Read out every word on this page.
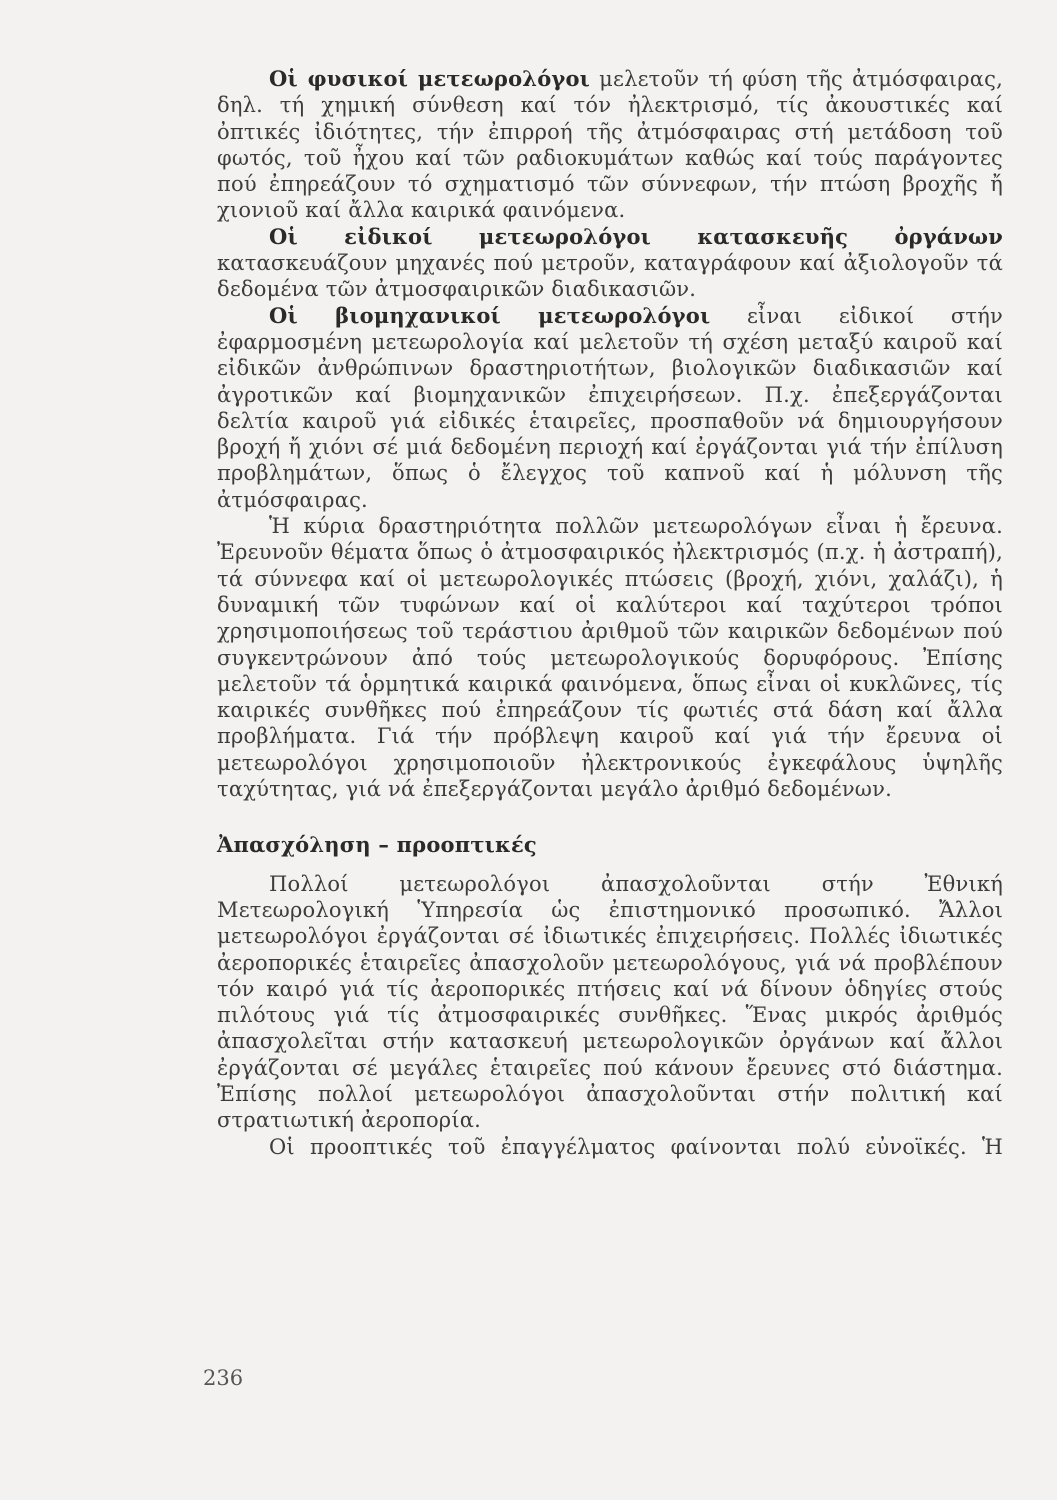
Οἱ φυσικοί μετεωρολόγοι μελετοῦν τή φύση τῆς ἀτμόσφαιρας, δηλ. τή χημική σύνθεση καί τόν ἠλεκτρισμό, τίς ἀκουστικές καί ὀπτικές ἰδιότητες, τήν ἐπιρροή τῆς ἀτμόσφαιρας στή μετάδοση τοῦ φωτός, τοῦ ἦχου καί τῶν ραδιοκυμάτων καθώς καί τούς παράγοντες πού ἐπηρεάζουν τό σχηματισμό τῶν σύννεφων, τήν πτώση βροχῆς ἤ χιονιοῦ καί ἄλλα καιρικά φαινόμενα.

Οἱ εἰδικοί μετεωρολόγοι κατασκευῆς ὀργάνων κατασκευάζουν μηχανές πού μετροῦν, καταγράφουν καί ἀξιολογοῦν τά δεδομένα τῶν ἀτμοσφαιρικῶν διαδικασιῶν.

Οἱ βιομηχανικοί μετεωρολόγοι εἶναι εἰδικοί στήν ἐφαρμοσμένη μετεωρολογία καί μελετοῦν τή σχέση μεταξύ καιροῦ καί εἰδικῶν ἀνθρώπινων δραστηριοτήτων, βιολογικῶν διαδικασιῶν καί ἀγροτικῶν καί βιομηχανικῶν ἐπιχειρήσεων. Π.χ. ἐπεξεργάζονται δελτία καιροῦ γιά εἰδικές ἑταιρεῖες, προσπαθοῦν νά δημιουργήσουν βροχή ἤ χιόνι σέ μιά δεδομένη περιοχή καί ἐργάζονται γιά τήν ἐπίλυση προβλημάτων, ὅπως ὁ ἔλεγχος τοῦ καπνοῦ καί ἡ μόλυνση τῆς ἀτμόσφαιρας.

Ἡ κύρια δραστηριότητα πολλῶν μετεωρολόγων εἶναι ἡ ἔρευνα. Ἐρευνοῦν θέματα ὅπως ὁ ἀτμοσφαιρικός ἠλεκτρισμός (π.χ. ἡ ἀστραπή), τά σύννεφα καί οἱ μετεωρολογικές πτώσεις (βροχή, χιόνι, χαλάζι), ἡ δυναμική τῶν τυφώνων καί οἱ καλύτεροι καί ταχύτεροι τρόποι χρησιμοποιήσεως τοῦ τεράστιου ἀριθμοῦ τῶν καιρικῶν δεδομένων πού συγκεντρώνουν ἀπό τούς μετεωρολογικούς δορυφόρους. Ἐπίσης μελετοῦν τά ὁρμητικά καιρικά φαινόμενα, ὅπως εἶναι οἱ κυκλῶνες, τίς καιρικές συνθῆκες πού ἐπηρεάζουν τίς φωτιές στά δάση καί ἄλλα προβλήματα. Γιά τήν πρόβλεψη καιροῦ καί γιά τήν ἔρευνα οἱ μετεωρολόγοι χρησιμοποιοῦν ἠλεκτρονικούς ἐγκεφάλους ὑψηλῆς ταχύτητας, γιά νά ἐπεξεργάζονται μεγάλο ἀριθμό δεδομένων.

Ἀπασχόληση – προοπτικές

Πολλοί μετεωρολόγοι ἀπασχολοῦνται στήν Ἐθνική Μετεωρολογική Ὑπηρεσία ὡς ἐπιστημονικό προσωπικό. Ἄλλοι μετεωρολόγοι ἐργάζονται σέ ἰδιωτικές ἐπιχειρήσεις. Πολλές ἰδιωτικές ἀεροπορικές ἑταιρεῖες ἀπασχολοῦν μετεωρολόγους, γιά νά προβλέπουν τόν καιρό γιά τίς ἀεροπορικές πτήσεις καί νά δίνουν ὁδηγίες στούς πιλότους γιά τίς ἀτμοσφαιρικές συνθῆκες. Ἕνας μικρός ἀριθμός ἀπασχολεῖται στήν κατασκευή μετεωρολογικῶν ὀργάνων καί ἄλλοι ἐργάζονται σέ μεγάλες ἑταιρεῖες πού κάνουν ἔρευνες στό διάστημα. Ἐπίσης πολλοί μετεωρολόγοι ἀπασχολοῦνται στήν πολιτική καί στρατιωτική ἀεροπορία.

Οἱ προοπτικές τοῦ ἐπαγγέλματος φαίνονται πολύ εὐνοϊκές. Ἡ

236
